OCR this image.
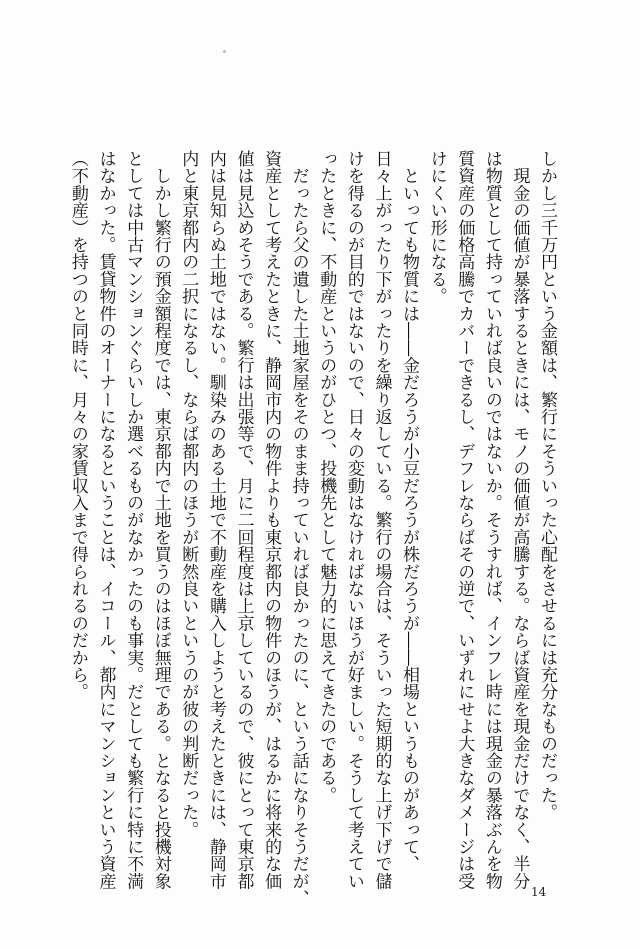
しかし三千万円という金額は、繁行にそういった心配をさせるには充分なものだった。
　現金の価値が暴落するときには、モノの価値が高騰する。ならば資産を現金だけでなく、半分
は物質として持っていれば良いのではないか。そうすれば、インフレ時には現金の暴落ぶんを物
質資産の価格高騰でカバーできるし、デフレならばその逆で、いずれにせよ大きなダメージは受
けにくい形になる。
　といっても物質には――金だろうが小豆だろうが株だろうが――相場というものがあって、
日々上がったり下がったりを繰り返している。繁行の場合は、そういった短期的な上げ下げで儲
けを得るのが目的ではないので、日々の変動はなければないほうが好ましい。そうして考えてい
ったときに、不動産というのがひとつ、投機先として魅力的に思えてきたのである。
　だったら父の遺した土地家屋をそのまま持っていれば良かったのに、という話になりそうだが、
資産として考えたときに、静岡市内の物件よりも東京都内の物件のほうが、はるかに将来的な価
値は見込めそうである。繁行は出張等で、月に二回程度は上京しているので、彼にとって東京都
内は見知らぬ土地ではない。馴染みのある土地で不動産を購入しようと考えたときには、静岡市
内と東京都内の二択になるし、ならば都内のほうが断然良いというのが彼の判断だった。
　しかし繁行の預金額程度では、東京都内で土地を買うのはほぼ無理である。となると投機対象
としては中古マンションぐらいしか選べるものがなかったのも事実。だとしても繁行に特に不満
はなかった。賃貸物件のオーナーになるということは、イコール、都内にマンションという資産
（不動産）を持つのと同時に、月々の家賃収入まで得られるのだから。
14
